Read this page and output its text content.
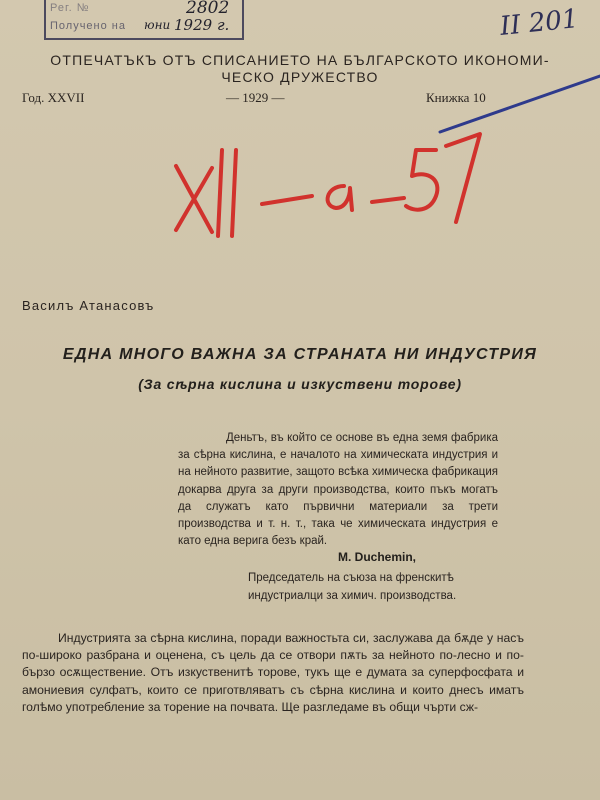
Рег. №	2802
Получено на юни 1929 г.	II 201
ОТПЕЧАТЪКЪ ОТЪ СПИСАНИЕТО НА БЪЛГАРСКОТО ИКОНОМИ-
ЧЕСКО ДРУЖЕСТВО
Год. XXVII	— 1929 —	Книжка 10
Василъ Атанасовъ
ЕДНА МНОГО ВАЖНА ЗА СТРАНАТА НИ ИНДУСТРИЯ
(За сѣрна кислина и изкуствени торове)

Деньтъ, въ който се основе въ една земя фабрика за сѣрна кислина, е началото на химическата индустрия и на нейното развитие, защото всѣка химическа фабрикация докарва друга за други производства, които пъкъ могатъ да служатъ като първични материали за трети производства и т. н. т., така че химическата индустрия е като една верига безъ край.

M. Duchemin,
Председатель на съюза на френскитѣ индустриалци за химич. производства.

Индустрията за сѣрна кислина, поради важностьта си, заслужава да бѫде у насъ по-широко разбрана и оценена, съ цель да се отвори пѫть за нейното по-лесно и по-бързо осѫществение. Отъ изкуственитѣ торове, тукъ ще е думата за суперфосфата и амониевия сулфатъ, които се приготвляватъ съ сѣрна кислина и които днесъ иматъ голѣмо употребление за торение на почвата. Ще разгледаме въ общи чърти сж-
